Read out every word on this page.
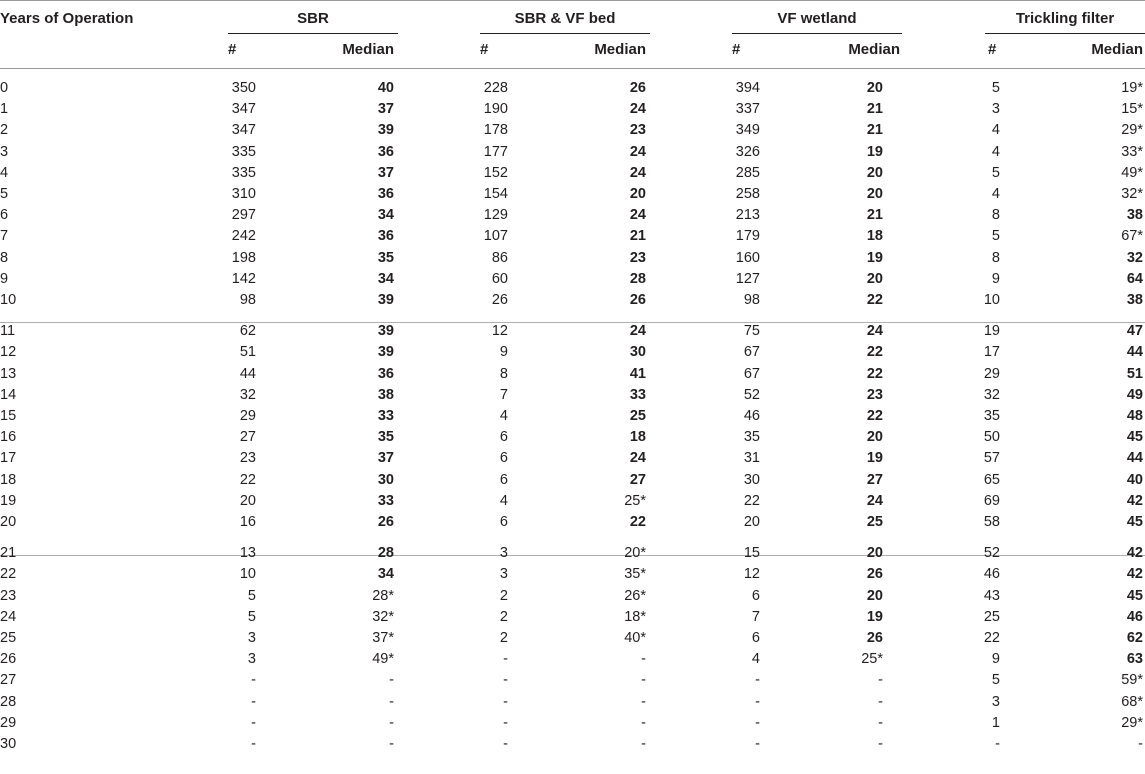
Years of Operation	SBR	SBR & VF bed	VF wetland	Trickling filter
#	Median	#	Median	#	Median	#	Median
0	350	40	228	26	394	20	5	19*
1	347	37	190	24	337	21	3	15*
2	347	39	178	23	349	21	4	29*
3	335	36	177	24	326	19	4	33*
4	335	37	152	24	285	20	5	49*
5	310	36	154	20	258	20	4	32*
6	297	34	129	24	213	21	8	38
7	242	36	107	21	179	18	5	67*
8	198	35	86	23	160	19	8	32
9	142	34	60	28	127	20	9	64
10	98	39	26	26	98	22	10	38
11	62	39	12	24	75	24	19	47
12	51	39	9	30	67	22	17	44
13	44	36	8	41	67	22	29	51
14	32	38	7	33	52	23	32	49
15	29	33	4	25	46	22	35	48
16	27	35	6	18	35	20	50	45
17	23	37	6	24	31	19	57	44
18	22	30	6	27	30	27	65	40
19	20	33	4	25*	22	24	69	42
20	16	26	6	22	20	25	58	45
21	13	28	3	20*	15	20	52	42
22	10	34	3	35*	12	26	46	42
23	5	28*	2	26*	6	20	43	45
24	5	32*	2	18*	7	19	25	46
25	3	37*	2	40*	6	26	22	62
26	3	49*	-	-	4	25*	9	63
27	-	-	-	-	-	-	5	59*
28	-	-	-	-	-	-	3	68*
29	-	-	-	-	-	-	1	29*
30	-	-	-	-	-	-	-	-
